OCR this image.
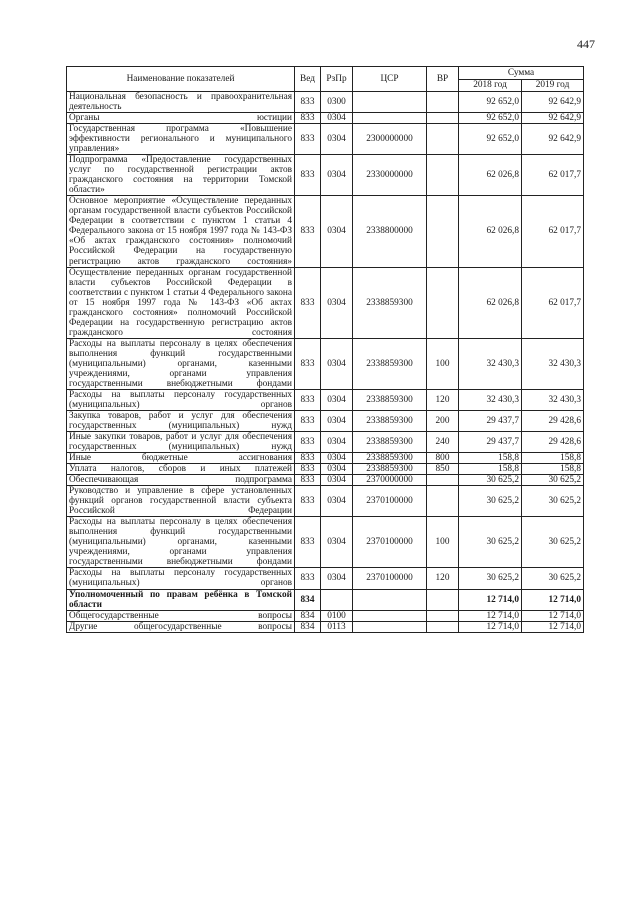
447
Наименование показателей	Вед	РзПр	ЦСР	ВР	Сумма	
					2018 год	2019 год
Национальная безопасность и правоохранительная деятельность	833	0300			92 652,0	92 642,9
Органы юстиции	833	0304			92 652,0	92 642,9
Государственная программа «Повышение эффективности регионального и муниципального управления»	833	0304	2300000000		92 652,0	92 642,9
Подпрограмма «Предоставление государственных услуг по государственной регистрации актов гражданского состояния на территории Томской области»	833	0304	2330000000		62 026,8	62 017,7
Основное мероприятие «Осуществление переданных органам государственной власти субъектов Российской Федерации в соответствии с пунктом 1 статьи 4 Федерального закона от 15 ноября 1997 года № 143-ФЗ «Об актах гражданского состояния» полномочий Российской Федерации на государственную регистрацию актов гражданского состояния»	833	0304	2338800000		62 026,8	62 017,7
Осуществление переданных органам государственной власти субъектов Российской Федерации в соответствии с пунктом 1 статьи 4 Федерального закона от 15 ноября 1997 года № 143-ФЗ «Об актах гражданского состояния» полномочий Российской Федерации на государственную регистрацию актов гражданского состояния	833	0304	2338859300		62 026,8	62 017,7
Расходы на выплаты персоналу в целях обеспечения выполнения функций государственными (муниципальными) органами, казенными учреждениями, органами управления государственными внебюджетными фондами	833	0304	2338859300	100	32 430,3	32 430,3
Расходы на выплаты персоналу государственных (муниципальных) органов	833	0304	2338859300	120	32 430,3	32 430,3
Закупка товаров, работ и услуг для обеспечения государственных (муниципальных) нужд	833	0304	2338859300	200	29 437,7	29 428,6
Иные закупки товаров, работ и услуг для обеспечения государственных (муниципальных) нужд	833	0304	2338859300	240	29 437,7	29 428,6
Иные бюджетные ассигнования	833	0304	2338859300	800	158,8	158,8
Уплата налогов, сборов и иных платежей	833	0304	2338859300	850	158,8	158,8
Обеспечивающая подпрограмма	833	0304	2370000000		30 625,2	30 625,2
Руководство и управление в сфере установленных функций органов государственной власти субъекта Российской Федерации	833	0304	2370100000		30 625,2	30 625,2
Расходы на выплаты персоналу в целях обеспечения выполнения функций государственными (муниципальными) органами, казенными учреждениями, органами управления государственными внебюджетными фондами	833	0304	2370100000	100	30 625,2	30 625,2
Расходы на выплаты персоналу государственных (муниципальных) органов	833	0304	2370100000	120	30 625,2	30 625,2
Уполномоченный по правам ребёнка в Томской области	834				12 714,0	12 714,0
Общегосударственные вопросы	834	0100			12 714,0	12 714,0
Другие общегосударственные вопросы	834	0113			12 714,0	12 714,0
